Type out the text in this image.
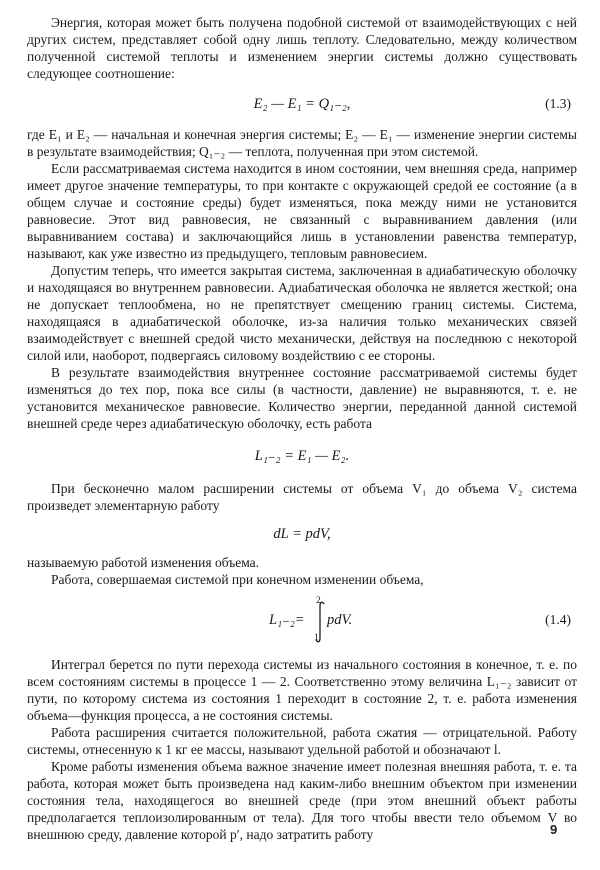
Энергия, которая может быть получена подобной системой от взаимодействующих с ней других систем, представляет собой одну лишь теплоту. Следовательно, между количеством полученной системой теплоты и изменением энергии системы должно существовать следующее соотношение:

E₂ — E₁ = Q₁₋₂,	(1.3)

где E₁ и E₂ — начальная и конечная энергия системы; E₂ — E₁ — изменение энергии системы в результате взаимодействия; Q₁₋₂ — теплота, полученная при этом системой.

Если рассматриваемая система находится в ином состоянии, чем внешняя среда, например имеет другое значение температуры, то при контакте с окружающей средой ее состояние (а в общем случае и состояние среды) будет изменяться, пока между ними не установится равновесие. Этот вид равновесия, не связанный с выравниванием давления (или выравниванием состава) и заключающийся лишь в установлении равенства температур, называют, как уже известно из предыдущего, тепловым равновесием.

Допустим теперь, что имеется закрытая система, заключенная в адиабатическую оболочку и находящаяся во внутреннем равновесии. Адиабатическая оболочка не является жесткой; она не допускает теплообмена, но не препятствует смещению границ системы. Система, находящаяся в адиабатической оболочке, из-за наличия только механических связей взаимодействует с внешней средой чисто механически, действуя на последнюю с некоторой силой или, наоборот, подвергаясь силовому воздействию с ее стороны.

В результате взаимодействия внутреннее состояние рассматриваемой системы будет изменяться до тех пор, пока все силы (в частности, давление) не выравняются, т. е. не установится механическое равновесие. Количество энергии, переданной данной системой внешней среде через адиабатическую оболочку, есть работа

L₁₋₂ = E₁ — E₂.

При бесконечно малом расширении системы от объема V₁ до объема V₂ система произведет элементарную работу

dL = pdV,

называемую работой изменения объема.

Работа, совершаемая системой при конечном изменении объема,

L₁₋₂=
2
1
pdV.	(1.4)

Интеграл берется по пути перехода системы из начального состояния в конечное, т. е. по всем состояниям системы в процессе 1 — 2. Соответственно этому величина L₁₋₂ зависит от пути, по которому система из состояния 1 переходит в состояние 2, т. е. работа изменения объема—функция процесса, а не состояния системы.

Работа расширения считается положительной, работа сжатия — отрицательной. Работу системы, отнесенную к 1 кг ее массы, называют удельной работой и обозначают l.

Кроме работы изменения объема важное значение имеет полезная внешняя работа, т. е. та работа, которая может быть произведена над каким-либо внешним объектом при изменении состояния тела, находящегося во внешней среде (при этом внешний объект работы предполагается теплоизолированным от тела). Для того чтобы ввести тело объемом V во внешнюю среду, давление которой p′, надо затратить работу	9
